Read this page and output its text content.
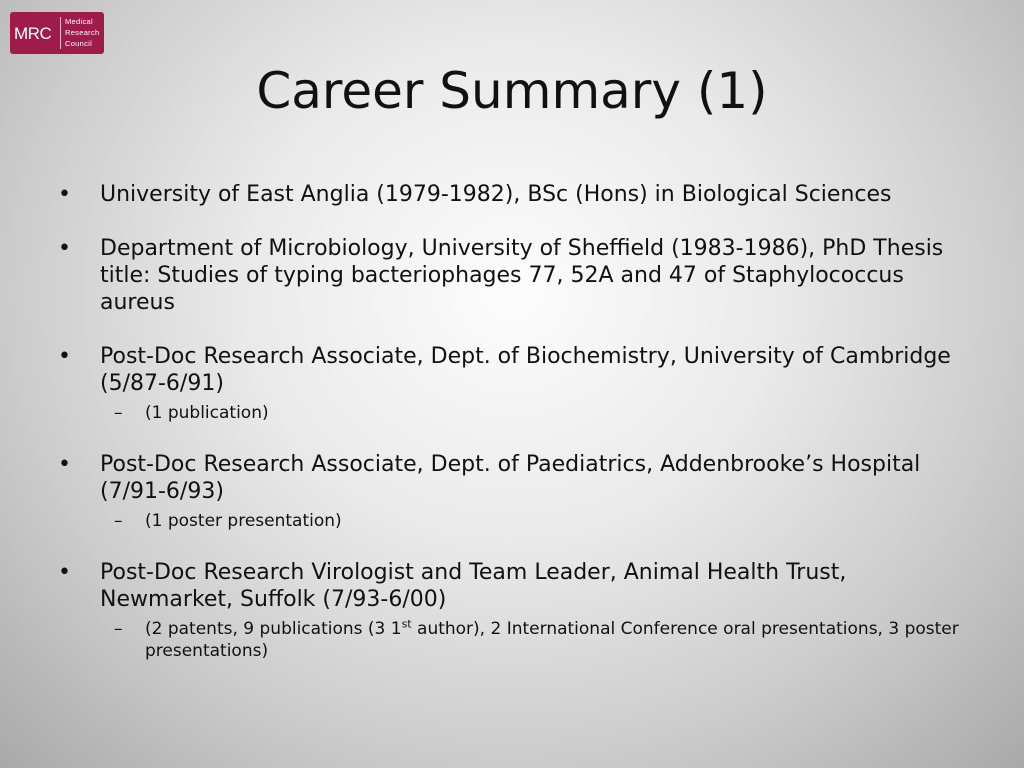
MRC
Medical
Research
Council
Career Summary (1)
• University of East Anglia (1979-1982), BSc (Hons) in Biological Sciences
• Department of Microbiology, University of Sheffield (1983-1986), PhD Thesis title: Studies of typing bacteriophages 77, 52A and 47 of Staphylococcus aureus
• Post-Doc Research Associate, Dept. of Biochemistry, University of Cambridge (5/87-6/91)
– (1 publication)
• Post-Doc Research Associate, Dept. of Paediatrics, Addenbrooke’s Hospital (7/91-6/93)
– (1 poster presentation)
• Post-Doc Research Virologist and Team Leader, Animal Health Trust, Newmarket, Suffolk (7/93-6/00)
– (2 patents, 9 publications (3 1st author), 2 International Conference oral presentations, 3 poster presentations)
